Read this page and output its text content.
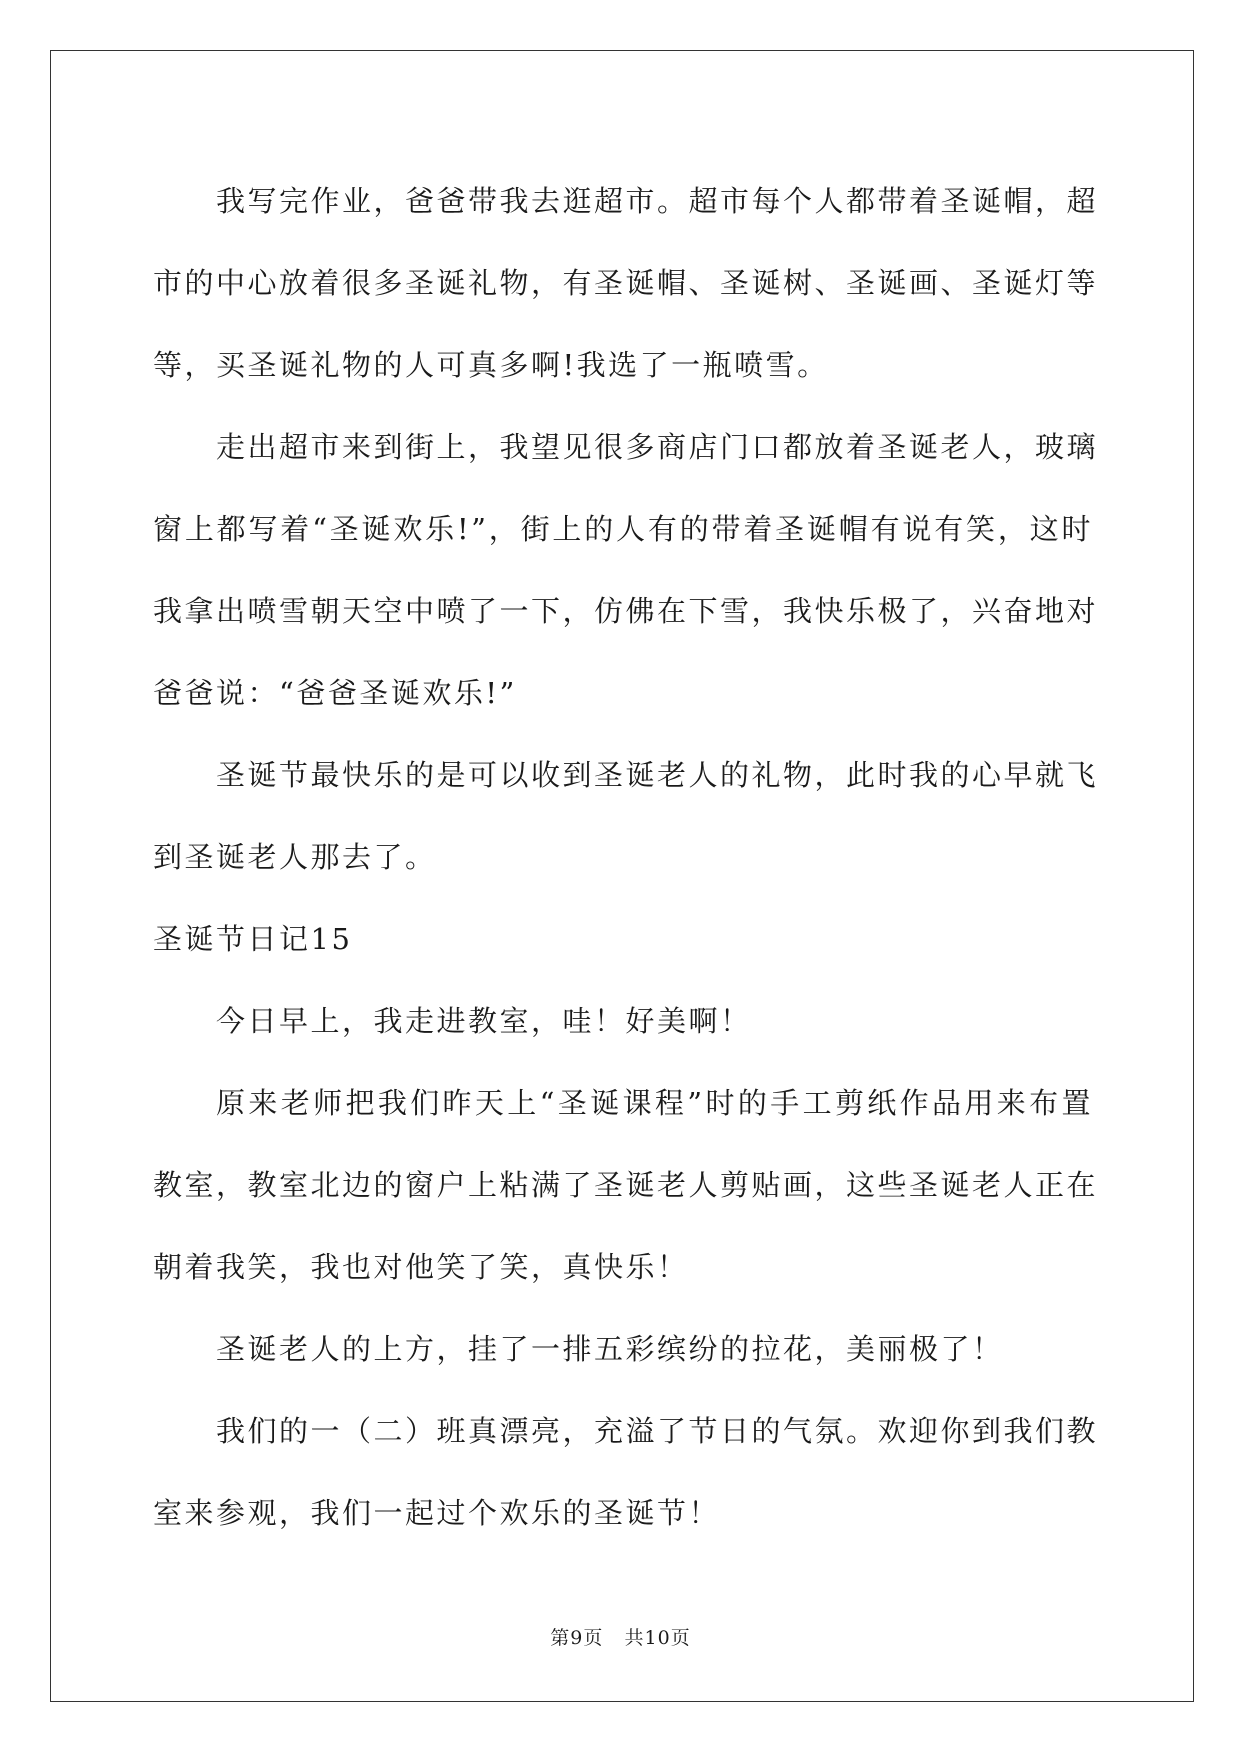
我写完作业，爸爸带我去逛超市。超市每个人都带着圣诞帽，超
市的中心放着很多圣诞礼物，有圣诞帽、圣诞树、圣诞画、圣诞灯等
等，买圣诞礼物的人可真多啊!我选了一瓶喷雪。
走出超市来到街上，我望见很多商店门口都放着圣诞老人，玻璃
窗上都写着“圣诞欢乐!”，街上的人有的带着圣诞帽有说有笑，这时
我拿出喷雪朝天空中喷了一下，仿佛在下雪，我快乐极了，兴奋地对
爸爸说：“爸爸圣诞欢乐!”
圣诞节最快乐的是可以收到圣诞老人的礼物，此时我的心早就飞
到圣诞老人那去了。
圣诞节日记15
今日早上，我走进教室，哇！好美啊！
原来老师把我们昨天上“圣诞课程”时的手工剪纸作品用来布置
教室，教室北边的窗户上粘满了圣诞老人剪贴画，这些圣诞老人正在
朝着我笑，我也对他笑了笑，真快乐！
圣诞老人的上方，挂了一排五彩缤纷的拉花，美丽极了！
我们的一（二）班真漂亮，充溢了节日的气氛。欢迎你到我们教
室来参观，我们一起过个欢乐的圣诞节！
第9页 共10页
